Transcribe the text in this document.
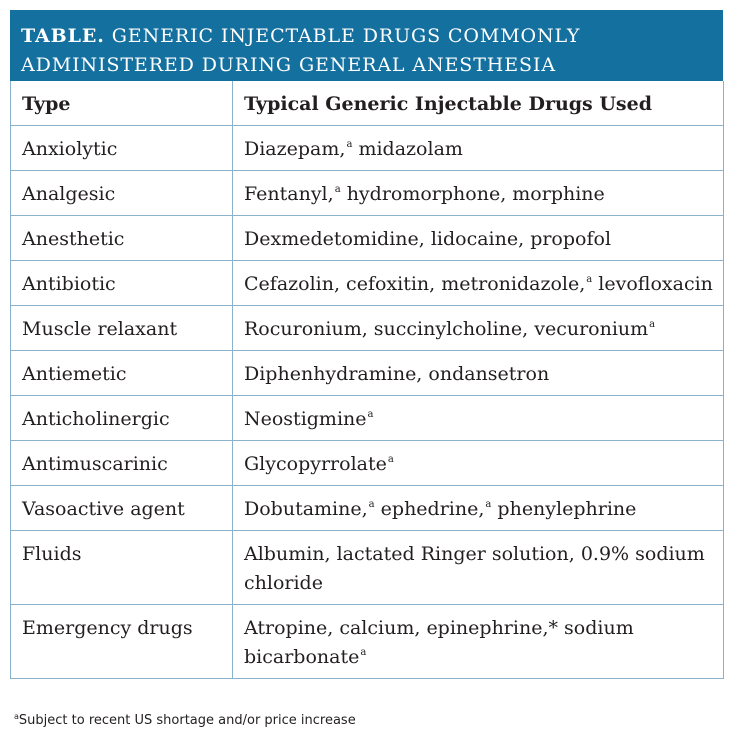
TABLE. GENERIC INJECTABLE DRUGS COMMONLY ADMINISTERED DURING GENERAL ANESTHESIA
Type	Typical Generic Injectable Drugs Used
Anxiolytic	Diazepam,$^a$ midazolam
Analgesic	Fentanyl,$^a$ hydromorphone, morphine
Anesthetic	Dexmedetomidine, lidocaine, propofol
Antibiotic	Cefazolin, cefoxitin, metronidazole,$^a$ levofloxacin
Muscle relaxant	Rocuronium, succinylcholine, vecuronium$^a$
Antiemetic	Diphenhydramine, ondansetron
Anticholinergic	Neostigmine$^a$
Antimuscarinic	Glycopyrrolate$^a$
Vasoactive agent	Dobutamine,$^a$ ephedrine,$^a$ phenylephrine
Fluids	Albumin, lactated Ringer solution, 0.9% sodium chloride
Emergency drugs	Atropine, calcium, epinephrine,* sodium bicarbonate$^a$
$^a$Subject to recent US shortage and/or price increase
